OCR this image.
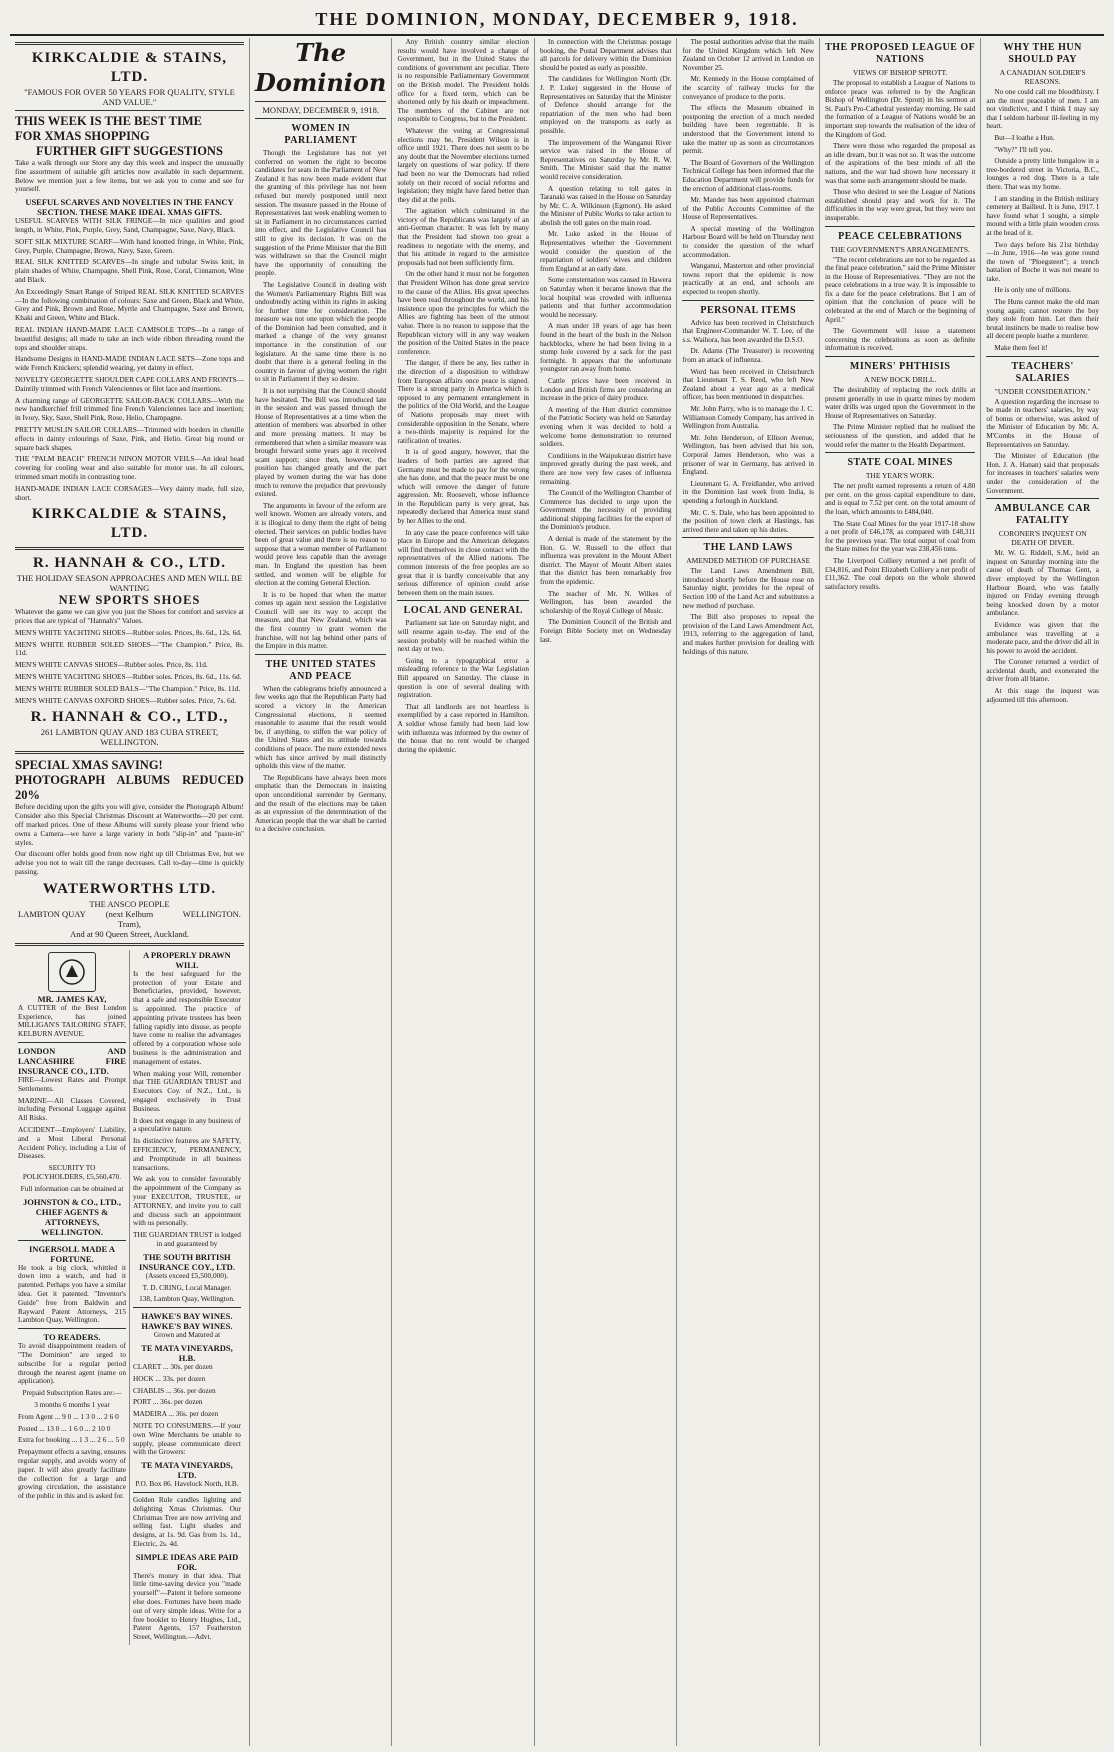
THE DOMINION, MONDAY, DECEMBER 9, 1918.
KIRKCALDIE & STAINS, LTD.
"FAMOUS FOR OVER 50 YEARS FOR QUALITY, STYLE AND VALUE."
THIS WEEK IS THE BEST TIME
FOR XMAS SHOPPING
FURTHER GIFT SUGGESTIONS

Take a walk through our Store any day this week and inspect the unusually fine assortment of suitable gift articles now available in each department. Below we mention just a few items, but we ask you to come and see for yourself.

USEFUL SCARVES AND NOVELTIES IN THE FANCY SECTION. THESE MAKE IDEAL XMAS GIFTS.

USEFUL SCARVES WITH SILK FRINGE—In nice qualities and good length, in White, Pink, Purple, Grey, Sand, Champagne, Saxe, Navy, Black.

SOFT SILK MIXTURE SCARF—With hand knotted fringe, in White, Pink, Grey, Purple, Champagne, Brown, Navy, Saxe, Green.

REAL SILK KNITTED SCARVES—In single and tubular Swiss knit, in plain shades of White, Champagne, Shell Pink, Rose, Coral, Cinnamon, Wine and Black.

An Exceedingly Smart Range of Striped REAL SILK KNITTED SCARVES—In the following combination of colours: Saxe and Green, Black and White, Grey and Pink, Brown and Rose, Myrtle and Champagne, Saxe and Brown, Khaki and Green, White and Black.

REAL INDIAN HAND-MADE LACE CAMISOLE TOPS—In a range of beautiful designs; all made to take an inch wide ribbon threading round the tops and shoulder straps.

Handsome Designs in HAND-MADE INDIAN LACE SETS—Zone tops and wide French Knickers; splendid wearing, yet dainty in effect.

NOVELTY GEORGETTE SHOULDER CAPE COLLARS AND FRONTS—Daintily trimmed with French Valenciennes or filet lace and insertions.

A charming range of GEORGETTE SAILOR-BACK COLLARS—With the new handkerchief frill trimmed fine French Valenciennes lace and insertion; in Ivory, Sky, Saxe, Shell Pink, Rose, Helio, Champagne.

PRETTY MUSLIN SAILOR COLLARS—Trimmed with borders in chenille effects in dainty colourings of Saxe, Pink, and Helio. Great big round or square back shapes.

THE "PALM BEACH" FRENCH NINON MOTOR VEILS—An ideal head covering for cooling wear and also suitable for motor use. In all colours, trimmed smart motifs in contrasting tone.

HAND-MADE INDIAN LACE CORSAGES—Very dainty made, full size, short.

KIRKCALDIE & STAINS, LTD.
R. HANNAH & CO., LTD.
THE HOLIDAY SEASON APPROACHES AND MEN WILL BE WANTING
NEW SPORTS SHOES

Whatever the game we can give you just the Shoes for comfort and service at prices that are typical of "Hannah's" Values.

MEN'S WHITE YACHTING SHOES—Rubber soles. Prices, 8s. 6d., 12s. 6d.

MEN'S WHITE RUBBER SOLED SHOES—"The Champion." Price, 8s. 11d.

MEN'S WHITE CANVAS SHOES—Rubber soles. Price, 8s. 11d.

MEN'S WHITE YACHTING SHOES—Rubber soles. Prices, 8s. 6d., 11s. 6d.

MEN'S WHITE RUBBER SOLED BALS—"The Champion." Price, 8s. 11d.

MEN'S WHITE CANVAS OXFORD SHOES—Rubber soles. Price, 7s. 6d.

R. HANNAH & CO., LTD.,
261 LAMBTON QUAY AND 183 CUBA STREET, WELLINGTON.
SPECIAL XMAS SAVING!
PHOTOGRAPH ALBUMS REDUCED 20%

Before deciding upon the gifts you will give, consider the Photograph Album! Consider also this Special Christmas Discount at Waterworths—20 per cent. off marked prices. One of these Albums will surely please your friend who owns a Camera—we have a large variety in both "slip-in" and "paste-in" styles.

Our discount offer holds good from now right up till Christmas Eve, but we advise you not to wait till the range decreases. Call to-day—time is quickly passing.

WATERWORTHS LTD.
THE ANSCO PEOPLE
LAMBTON QUAY	(next Kelburn Tram),
WELLINGTON.
And at 90 Queen Street, Auckland.
MR. JAMES KAY,

A CUTTER of the Best London Experience, has joined MILLIGAN'S TAILORING STAFF, KELBURN AVENUE.

LONDON AND LANCASHIRE FIRE INSURANCE CO., LTD.

FIRE—Lowest Rates and Prompt Settlements.

MARINE—All Classes Covered, including Personal Luggage against All Risks.

ACCIDENT—Employers' Liability, and a Most Liberal Personal Accident Policy, including a List of Diseases.

SECURITY TO POLICYHOLDERS, £5,560,470.

Full information can be obtained at

JOHNSTON & CO., LTD.,
CHIEF AGENTS & ATTORNEYS, WELLINGTON.
INGERSOLL MADE A FORTUNE.

He took a big clock, whittled it down into a watch, and had it patented. Perhaps you have a similar idea. Get it patented. "Inventor's Guide" free from Baldwin and Rayward Patent Attorneys, 215 Lambton Quay, Wellington.

TO READERS.

To avoid disappointment readers of "The Dominion" are urged to subscribe for a regular period through the nearest agent (name on application).

Prepaid Subscription Rates are:—

3 months 6 months 1 year

From Agent ... 9 0 ... 1 3 0 ... 2 6 0

Posted ... 13 0 ... 1 6 0 ... 2 10 0

Extra for booking ... 1 3 ... 2 6 ... 5 0

Prepayment effects a saving, ensures regular supply, and avoids worry of paper. It will also greatly facilitate the collection for a large and growing circulation, the assistance of the public in this and is asked for.

A PROPERLY DRAWN WILL

Is the best safeguard for the protection of your Estate and Beneficiaries, provided, however, that a safe and responsible Executor is appointed. The practice of appointing private trustees has been falling rapidly into disuse, as people have come to realise the advantages offered by a corporation whose sole business is the administration and management of estates.

When making your Will, remember that THE GUARDIAN TRUST and Executors Coy. of N.Z., Ltd., is engaged exclusively in Trust Business.

It does not engage in any business of a speculative nature.

Its distinctive features are SAFETY, EFFICIENCY, PERMANENCY, and Promptitude in all business transactions.

We ask you to consider favourably the appointment of the Company as your EXECUTOR, TRUSTEE, or ATTORNEY, and invite you to call and discuss such an appointment with us personally.

THE GUARDIAN TRUST is lodged in and guaranteed by

THE SOUTH BRITISH INSURANCE COY., LTD.

(Assets exceed £5,500,000).

T. D. CRING, Local Manager.

138, Lambton Quay, Wellington.

HAWKE'S BAY WINES. HAWKE'S BAY WINES.

Grown and Matured at

TE MATA VINEYARDS, H.B.

CLARET ... 30s. per dozen

HOCK ... 33s. per dozen

CHABLIS ... 36s. per dozen

PORT ... 36s. per dozen

MADEIRA ... 36s. per dozen

NOTE TO CONSUMERS.—If your own Wine Merchants be unable to supply, please communicate direct with the Growers:

TE MATA VINEYARDS, LTD.

P.O. Box 86. Havelock North, H.B.

Golden Rule candles lighting and delighting Xmas Christmas. Our Christmas Tree are now arriving and selling fast. Light shades and designs, at 1s. 9d. Gas from 1s. 1d., Electric, 2s. 4d.

SIMPLE IDEAS ARE PAID FOR.

There's money in that idea. That little time-saving device you "made yourself"—Patent it before someone else does. Fortunes have been made out of very simple ideas. Write for a free booklet to Henry Hughes, Ltd., Patent Agents, 157 Featherston Street, Wellington.—Advt.

The Dominion
MONDAY, DECEMBER 9, 1918.
WOMEN IN PARLIAMENT

Though the Legislature has not yet conferred on women the right to become candidates for seats in the Parliament of New Zealand it has now been made evident that the granting of this privilege has not been refused but merely postponed until next session. The measure passed in the House of Representatives last week enabling women to sit in Parliament in no circumstances carried into effect, and the Legislative Council has still to give its decision. It was on the suggestion of the Prime Minister that the Bill was withdrawn so that the Council might have the opportunity of consulting the people.

The Legislative Council in dealing with the Women's Parliamentary Rights Bill was undoubtedly acting within its rights in asking for further time for consideration. The measure was not one upon which the people of the Dominion had been consulted, and it marked a change of the very greatest importance in the constitution of our legislature. At the same time there is no doubt that there is a general feeling in the country in favour of giving women the right to sit in Parliament if they so desire.

It is not surprising that the Council should have hesitated. The Bill was introduced late in the session and was passed through the House of Representatives at a time when the attention of members was absorbed in other and more pressing matters. It may be remembered that when a similar measure was brought forward some years ago it received scant support; since then, however, the position has changed greatly and the part played by women during the war has done much to remove the prejudice that previously existed.

The arguments in favour of the reform are well known. Women are already voters, and it is illogical to deny them the right of being elected. Their services on public bodies have been of great value and there is no reason to suppose that a woman member of Parliament would prove less capable than the average man. In England the question has been settled, and women will be eligible for election at the coming General Election.

It is to be hoped that when the matter comes up again next session the Legislative Council will see its way to accept the measure, and that New Zealand, which was the first country to grant women the franchise, will not lag behind other parts of the Empire in this matter.

THE UNITED STATES AND PEACE

When the cablegrams briefly announced a few weeks ago that the Republican Party had scored a victory in the American Congressional elections, it seemed reasonable to assume that the result would be, if anything, to stiffen the war policy of the United States and its attitude towards conditions of peace. The more extended news which has since arrived by mail distinctly upholds this view of the matter.

The Republicans have always been more emphatic than the Democrats in insisting upon unconditional surrender by Germany, and the result of the elections may be taken as an expression of the determination of the American people that the war shall be carried to a decisive conclusion.

Any British country similar election results would have involved a change of Government, but in the United States the conditions of government are peculiar. There is no responsible Parliamentary Government on the British model. The President holds office for a fixed term, which can be shortened only by his death or impeachment. The members of the Cabinet are not responsible to Congress, but to the President.

Whatever the voting at Congressional elections may be, President Wilson is in office until 1921. There does not seem to be any doubt that the November elections turned largely on questions of war policy. If there had been no war the Democrats had relied solely on their record of social reforms and legislation; they might have fared better than they did at the polls.

The agitation which culminated in the victory of the Republicans was largely of an anti-German character. It was felt by many that the President had shown too great a readiness to negotiate with the enemy, and that his attitude in regard to the armistice proposals had not been sufficiently firm.

On the other hand it must not be forgotten that President Wilson has done great service to the cause of the Allies. His great speeches have been read throughout the world, and his insistence upon the principles for which the Allies are fighting has been of the utmost value. There is no reason to suppose that the Republican victory will in any way weaken the position of the United States in the peace conference.

The danger, if there be any, lies rather in the direction of a disposition to withdraw from European affairs once peace is signed. There is a strong party in America which is opposed to any permanent entanglement in the politics of the Old World, and the League of Nations proposals may meet with considerable opposition in the Senate, where a two-thirds majority is required for the ratification of treaties.

It is of good augury, however, that the leaders of both parties are agreed that Germany must be made to pay for the wrong she has done, and that the peace must be one which will remove the danger of future aggression. Mr. Roosevelt, whose influence in the Republican party is very great, has repeatedly declared that America must stand by her Allies to the end.

In any case the peace conference will take place in Europe and the American delegates will find themselves in close contact with the representatives of the Allied nations. The common interests of the free peoples are so great that it is hardly conceivable that any serious difference of opinion could arise between them on the main issues.

LOCAL AND GENERAL

Parliament sat late on Saturday night, and will resume again to-day. The end of the session probably will be reached within the next day or two.

Going to a typographical error a misleading reference to the War Legislation Bill appeared on Saturday. The clause in question is one of several dealing with registration.

That all landlords are not heartless is exemplified by a case reported in Hamilton. A soldier whose family had been laid low with influenza was informed by the owner of the house that no rent would be charged during the epidemic.

In connection with the Christmas postage booking, the Postal Department advises that all parcels for delivery within the Dominion should be posted as early as possible.

The candidates for Wellington North (Dr. J. P. Luke) suggested in the House of Representatives on Saturday that the Minister of Defence should arrange for the repatriation of the men who had been employed on the transports as early as possible.

The improvement of the Wanganui River service was raised in the House of Representatives on Saturday by Mr. R. W. Smith. The Minister said that the matter would receive consideration.

A question relating to toll gates in Taranaki was raised in the House on Saturday by Mr. C. A. Wilkinson (Egmont). He asked the Minister of Public Works to take action to abolish the toll gates on the main road.

Mr. Luke asked in the House of Representatives whether the Government would consider the question of the repatriation of soldiers' wives and children from England at an early date.

Some consternation was caused in Hawera on Saturday when it became known that the local hospital was crowded with influenza patients and that further accommodation would be necessary.

A man under 18 years of age has been found in the heart of the bush in the Nelson backblocks, where he had been living in a stump hole covered by a sack for the past fortnight. It appears that the unfortunate youngster ran away from home.

Cattle prices have been received in London and British firms are considering an increase in the price of dairy produce.

A meeting of the Hutt district committee of the Patriotic Society was held on Saturday evening when it was decided to hold a welcome home demonstration to returned soldiers.

Conditions in the Waipukurau district have improved greatly during the past week, and there are now very few cases of influenza remaining.

The Council of the Wellington Chamber of Commerce has decided to urge upon the Government the necessity of providing additional shipping facilities for the export of the Dominion's produce.

A denial is made of the statement by the Hon. G. W. Russell to the effect that influenza was prevalent in the Mount Albert district. The Mayor of Mount Albert states that the district has been remarkably free from the epidemic.

The teacher of Mr. N. Wilkes of Wellington, has been awarded the scholarship of the Royal College of Music.

The Dominion Council of the British and Foreign Bible Society met on Wednesday last.

The postal authorities advise that the mails for the United Kingdom which left New Zealand on October 12 arrived in London on November 25.

Mr. Kennedy in the House complained of the scarcity of railway trucks for the conveyance of produce to the ports.

The effects the Museum obtained in postponing the erection of a much needed building have been regrettable. It is understood that the Government intend to take the matter up as soon as circumstances permit.

The Board of Governors of the Wellington Technical College has been informed that the Education Department will provide funds for the erection of additional class-rooms.

Mr. Mander has been appointed chairman of the Public Accounts Committee of the House of Representatives.

A special meeting of the Wellington Harbour Board will be held on Thursday next to consider the question of the wharf accommodation.

Wanganui, Masterton and other provincial towns report that the epidemic is now practically at an end, and schools are expected to reopen shortly.

PERSONAL ITEMS

Advice has been received in Christchurch that Engineer-Commander W. T. Lee, of the s.s. Waihora, has been awarded the D.S.O.

Dr. Adams (The Treasurer) is recovering from an attack of influenza.

Word has been received in Christchurch that Lieutenant T. S. Reed, who left New Zealand about a year ago as a medical officer, has been mentioned in despatches.

Mr. John Parry, who is to manage the J. C. Williamson Comedy Company, has arrived in Wellington from Australia.

Mr. John Henderson, of Ellison Avenue, Wellington, has been advised that his son, Corporal James Henderson, who was a prisoner of war in Germany, has arrived in England.

Lieutenant G. A. Freidlander, who arrived in the Dominion last week from India, is spending a furlough in Auckland.

Mr. C. S. Dale, who has been appointed to the position of town clerk at Hastings, has arrived there and taken up his duties.

THE LAND LAWS
AMENDED METHOD OF PURCHASE

The Land Laws Amendment Bill, introduced shortly before the House rose on Saturday night, provides for the repeal of Section 100 of the Land Act and substitutes a new method of purchase.

The Bill also proposes to repeal the provision of the Land Laws Amendment Act, 1913, referring to the aggregation of land, and makes further provision for dealing with holdings of this nature.

THE PROPOSED LEAGUE OF NATIONS
VIEWS OF BISHOP SPROTT.

The proposal to establish a League of Nations to enforce peace was referred to by the Anglican Bishop of Wellington (Dr. Sprott) in his sermon at St. Paul's Pro-Cathedral yesterday morning. He said the formation of a League of Nations would be an important step towards the realisation of the idea of the Kingdom of God.

There were those who regarded the proposal as an idle dream, but it was not so. It was the outcome of the aspirations of the best minds of all the nations, and the war had shown how necessary it was that some such arrangement should be made.

Those who desired to see the League of Nations established should pray and work for it. The difficulties in the way were great, but they were not insuperable.

PEACE CELEBRATIONS
THE GOVERNMENT'S ARRANGEMENTS.

"The recent celebrations are not to be regarded as the final peace celebration," said the Prime Minister in the House of Representatives. "They are not the peace celebrations in a true way. It is impossible to fix a date for the peace celebrations. But I am of opinion that the conclusion of peace will be celebrated at the end of March or the beginning of April."

The Government will issue a statement concerning the celebrations as soon as definite information is received.

MINERS' PHTHISIS
A NEW BOCK DRILL.

The desirability of replacing the rock drills at present generally in use in quartz mines by modern water drills was urged upon the Government in the House of Representatives on Saturday.

The Prime Minister replied that he realised the seriousness of the question, and added that he would refer the matter to the Health Department.

STATE COAL MINES
THE YEAR'S WORK.

The net profit earned represents a return of 4.80 per cent. on the gross capital expenditure to date, and is equal to 7.52 per cent. on the total amount of the loan, which amounts to £484,040.

The State Coal Mines for the year 1917-18 show a net profit of £46,178, as compared with £48,311 for the previous year. The total output of coal from the State mines for the year was 238,456 tons.

The Liverpool Colliery returned a net profit of £34,816, and Point Elizabeth Colliery a net profit of £11,362. The coal depots on the whole showed satisfactory results.

WHY THE HUN SHOULD PAY
A CANADIAN SOLDIER'S REASONS.

No one could call me bloodthirsty. I am the most peaceable of men. I am not vindictive, and I think I may say that I seldom harbour ill-feeling in my heart.

But—I loathe a Hun.

"Why?" I'll tell you.

Outside a pretty little bungalow in a tree-bordered street in Victoria, B.C., lounges a red dog. There is a tale there. That was my home.

I am standing in the British military cemetery at Bailleul. It is June, 1917. I have found what I sought, a simple mound with a little plain wooden cross at the head of it.

Two days before his 21st birthday—in June, 1916—he was gone round the town of "Ploegsteert"; a trench battalion of Boche it was not meant to take.

He is only one of millions.

The Huns cannot make the old man young again; cannot restore the boy they stole from him. Let then their brutal instincts be made to realise how all decent people loathe a murderer.

Make them feel it!

TEACHERS' SALARIES
"UNDER CONSIDERATION."

A question regarding the increase to be made in teachers' salaries, by way of bonus or otherwise, was asked of the Minister of Education by Mr. A. M'Combs in the House of Representatives on Saturday.

The Minister of Education (the Hon. J. A. Hanan) said that proposals for increases in teachers' salaries were under the consideration of the Government.

AMBULANCE CAR FATALITY
CORONER'S INQUEST ON DEATH OF DIVER.

Mr. W. G. Riddell, S.M., held an inquest on Saturday morning into the cause of death of Thomas Gent, a diver employed by the Wellington Harbour Board, who was fatally injured on Friday evening through being knocked down by a motor ambulance.

Evidence was given that the ambulance was travelling at a moderate pace, and the driver did all in his power to avoid the accident.

The Coroner returned a verdict of accidental death, and exonerated the driver from all blame.

At this stage the inquest was adjourned till this afternoon.
